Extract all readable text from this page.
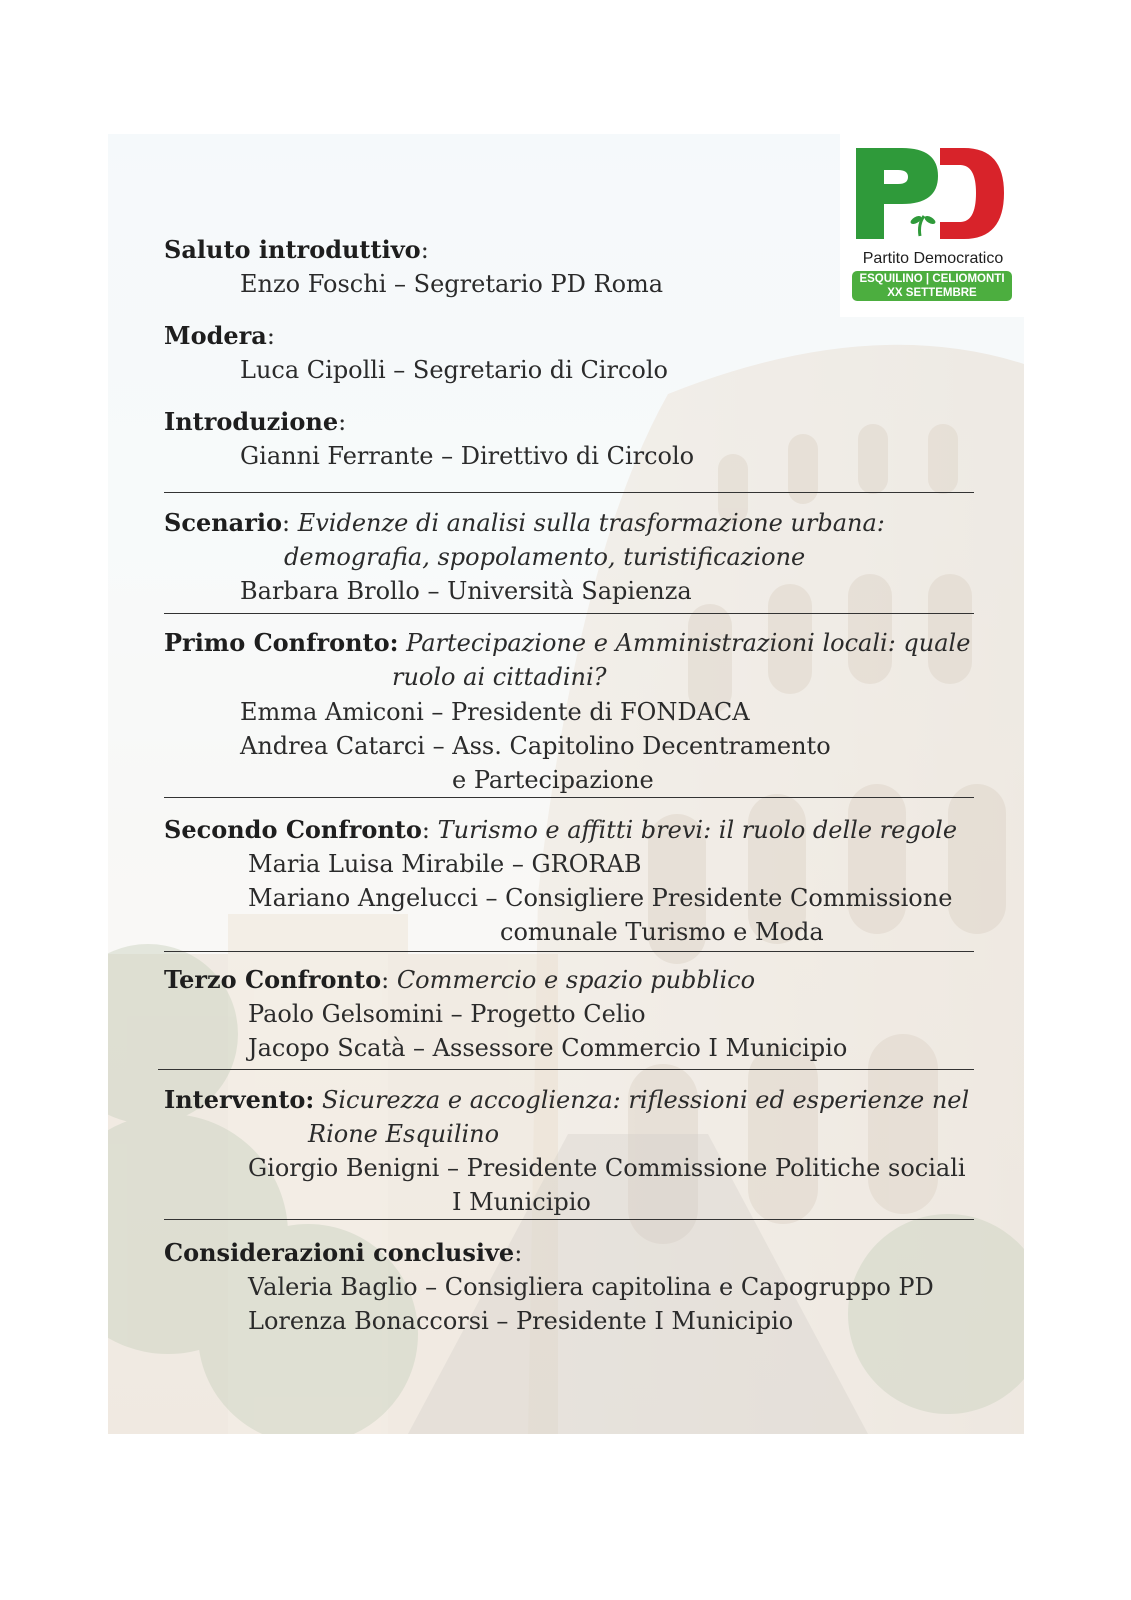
Partito Democratico
ESQUILINO | CELIOMONTI
XX SETTEMBRE
Saluto introduttivo:
Enzo Foschi – Segretario PD Roma
Modera:
Luca Cipolli – Segretario di Circolo
Introduzione:
Gianni Ferrante – Direttivo di Circolo
Scenario: Evidenze di analisi sulla trasformazione urbana:
demografia, spopolamento, turistificazione
Barbara Brollo – Università Sapienza
Primo Confronto: Partecipazione e Amministrazioni locali: quale
ruolo ai cittadini?
Emma Amiconi – Presidente di FONDACA
Andrea Catarci – Ass. Capitolino Decentramento
e Partecipazione
Secondo Confronto: Turismo e affitti brevi: il ruolo delle regole
Maria Luisa Mirabile – GRORAB
Mariano Angelucci – Consigliere Presidente Commissione
comunale Turismo e Moda
Terzo Confronto: Commercio e spazio pubblico
Paolo Gelsomini – Progetto Celio
Jacopo Scatà – Assessore Commercio I Municipio
Intervento: Sicurezza e accoglienza: riflessioni ed esperienze nel
Rione Esquilino
Giorgio Benigni – Presidente Commissione Politiche sociali
I Municipio
Considerazioni conclusive:
Valeria Baglio – Consigliera capitolina e Capogruppo PD
Lorenza Bonaccorsi – Presidente I Municipio
